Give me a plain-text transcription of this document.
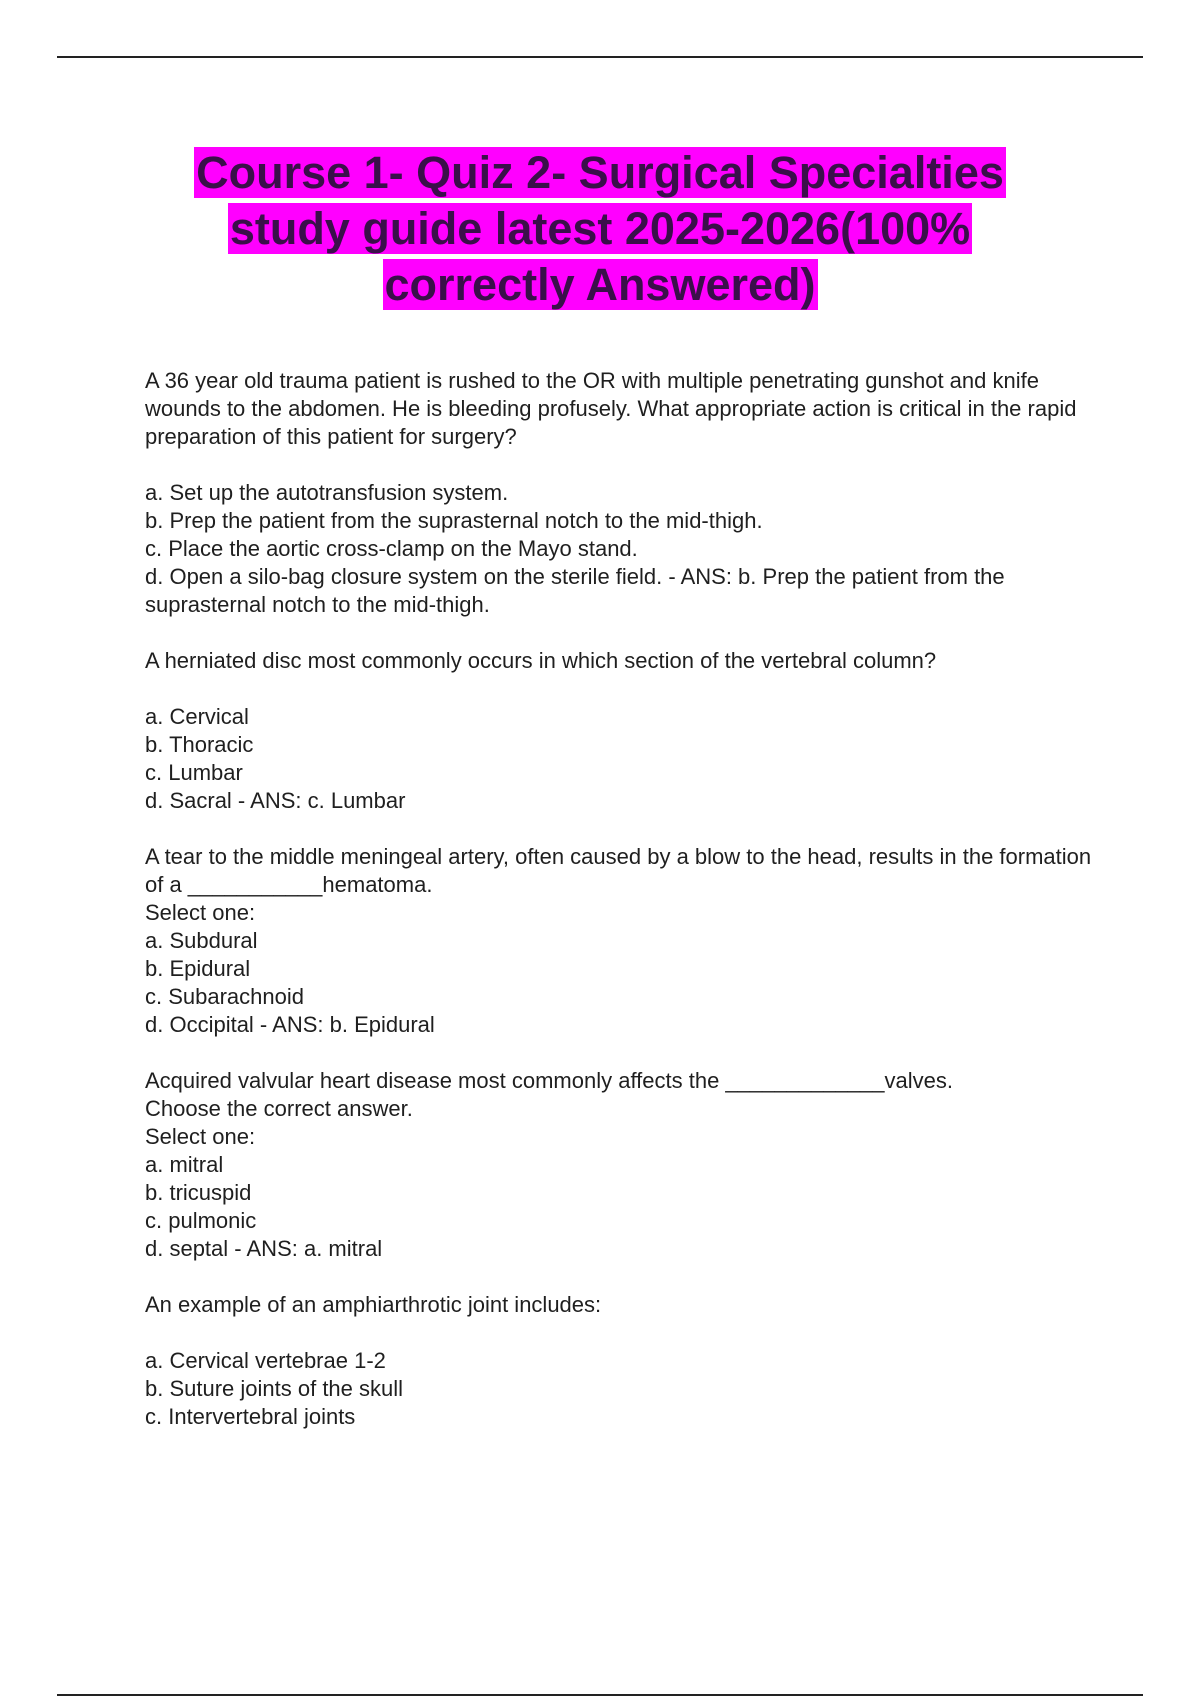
Course 1- Quiz 2- Surgical Specialties
study guide latest 2025-2026(100%
correctly Answered)

A 36 year old trauma patient is rushed to the OR with multiple penetrating gunshot and knife wounds to the abdomen. He is bleeding profusely. What appropriate action is critical in the rapid preparation of this patient for surgery?

a. Set up the autotransfusion system.

b. Prep the patient from the suprasternal notch to the mid-thigh.

c. Place the aortic cross-clamp on the Mayo stand.

d. Open a silo-bag closure system on the sterile field. - ANS: b. Prep the patient from the suprasternal notch to the mid-thigh.

A herniated disc most commonly occurs in which section of the vertebral column?

a. Cervical

b. Thoracic

c. Lumbar

d. Sacral - ANS: c. Lumbar

A tear to the middle meningeal artery, often caused by a blow to the head, results in the formation of a ___________hematoma.

Select one:

a. Subdural

b. Epidural

c. Subarachnoid

d. Occipital - ANS: b. Epidural

Acquired valvular heart disease most commonly affects the _____________valves.

Choose the correct answer.

Select one:

a. mitral

b. tricuspid

c. pulmonic

d. septal - ANS: a. mitral

An example of an amphiarthrotic joint includes:

a. Cervical vertebrae 1-2

b. Suture joints of the skull

c. Intervertebral joints
